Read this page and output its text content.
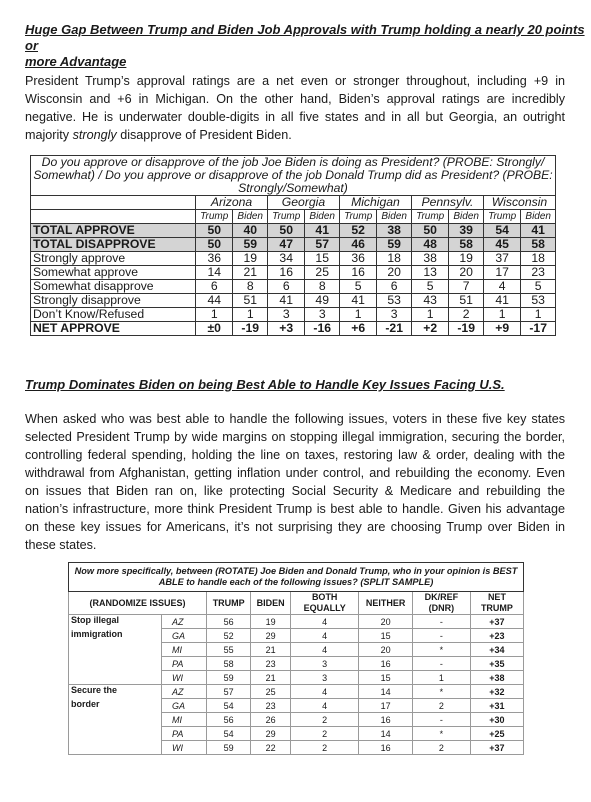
Huge Gap Between Trump and Biden Job Approvals with Trump holding a nearly 20 points or
more Advantage

President Trump’s approval ratings are a net even or stronger throughout, including +9 in Wisconsin and +6 in Michigan. On the other hand, Biden’s approval ratings are incredibly negative. He is underwater double-digits in all five states and in all but Georgia, an outright majority strongly disapprove of President Biden.

Do you approve or disapprove of the job Joe Biden is doing as President? (PROBE: Strongly/ Somewhat) / Do you approve or disapprove of the job Donald Trump did as President? (PROBE: Strongly/Somewhat)										
	Arizona		Georgia		Michigan		Pennsylv.		Wisconsin	
	Trump	Biden	Trump	Biden	Trump	Biden	Trump	Biden	Trump	Biden
TOTAL APPROVE	50	40	50	41	52	38	50	39	54	41
TOTAL DISAPPROVE	50	59	47	57	46	59	48	58	45	58
Strongly approve	36	19	34	15	36	18	38	19	37	18
Somewhat approve	14	21	16	25	16	20	13	20	17	23
Somewhat disapprove	6	8	6	8	5	6	5	7	4	5
Strongly disapprove	44	51	41	49	41	53	43	51	41	53
Don’t Know/Refused	1	1	3	3	1	3	1	2	1	1
NET APPROVE	±0	-19	+3	-16	+6	-21	+2	-19	+9	-17

Trump Dominates Biden on being Best Able to Handle Key Issues Facing U.S.

When asked who was best able to handle the following issues, voters in these five key states selected President Trump by wide margins on stopping illegal immigration, securing the border, controlling federal spending, holding the line on taxes, restoring law & order, dealing with the withdrawal from Afghanistan, getting inflation under control, and rebuilding the economy. Even on issues that Biden ran on, like protecting Social Security & Medicare and rebuilding the nation’s infrastructure, more think President Trump is best able to handle. Given his advantage on these key issues for Americans, it’s not surprising they are choosing Trump over Biden in these states.

Now more specifically, between (ROTATE) Joe Biden and Donald Trump, who in your opinion is BEST ABLE to handle each of the following issues? (SPLIT SAMPLE)							
(RANDOMIZE ISSUES)		TRUMP	BIDEN	BOTH EQUALLY	NEITHER	DK/REF (DNR)	NET TRUMP
Stop illegal	AZ	56	19	4	20	-	+37
immigration	GA	52	29	4	15	-	+23
	MI	55	21	4	20	*	+34
	PA	58	23	3	16	-	+35
	WI	59	21	3	15	1	+38
Secure the	AZ	57	25	4	14	*	+32
border	GA	54	23	4	17	2	+31
	MI	56	26	2	16	-	+30
	PA	54	29	2	14	*	+25
	WI	59	22	2	16	2	+37
